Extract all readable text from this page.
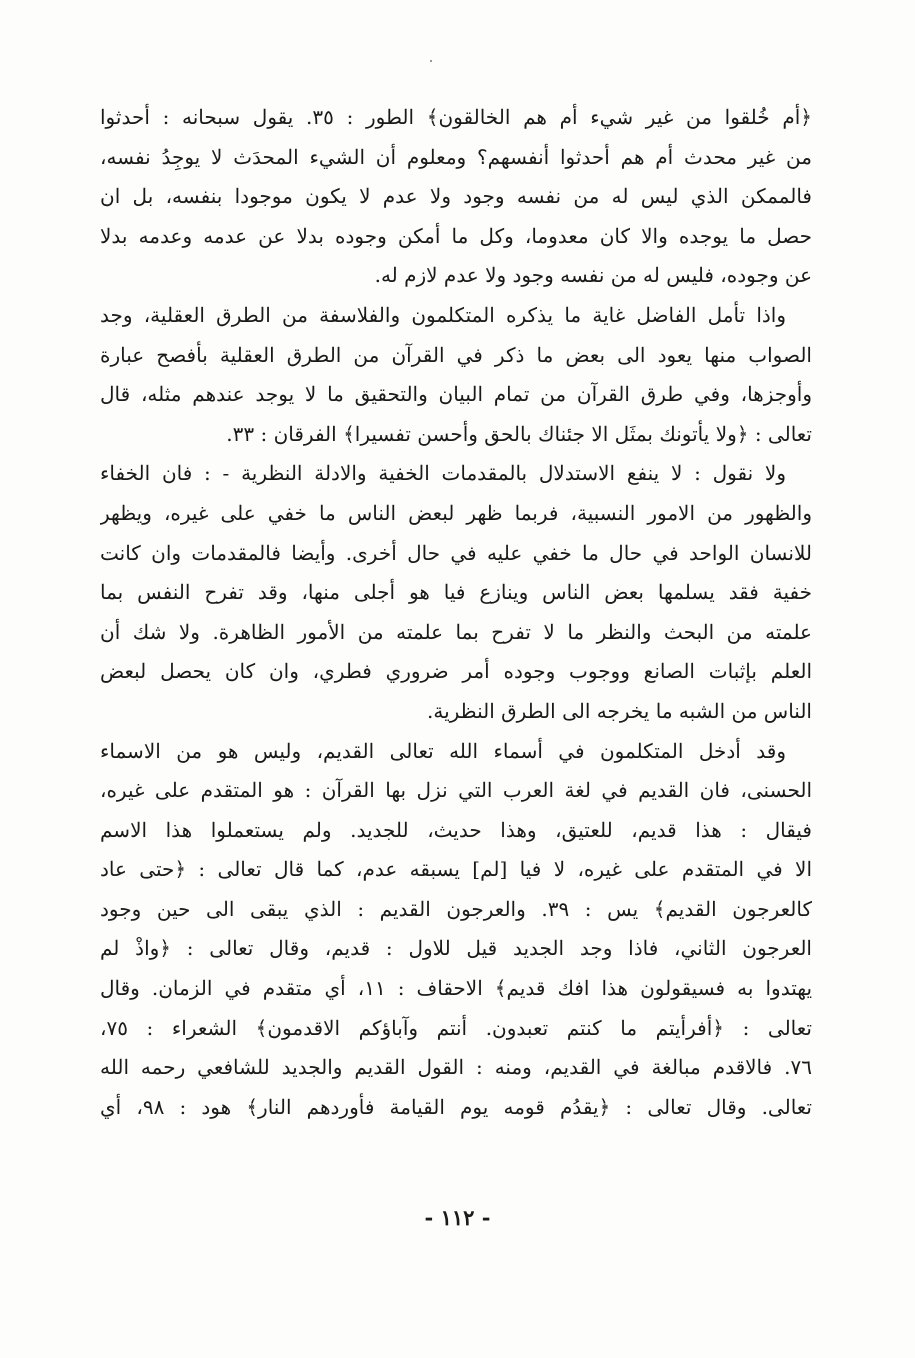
﴿أم خُلقوا من غير شيء أم هم الخالقون﴾ الطور : ٣٥. يقول سبحانه : أحدثوا
من غير محدث أم هم أحدثوا أنفسهم؟ ومعلوم أن الشيء المحدَث لا يوجِدُ نفسه،
فالممكن الذي ليس له من نفسه وجود ولا عدم لا يكون موجودا بنفسه، بل ان
حصل ما يوجده والا كان معدوما، وكل ما أمكن وجوده بدلا عن عدمه وعدمه بدلا
عن وجوده، فليس له من نفسه وجود ولا عدم لازم له.
واذا تأمل الفاضل غاية ما يذكره المتكلمون والفلاسفة من الطرق العقلية، وجد
الصواب منها يعود الى بعض ما ذكر في القرآن من الطرق العقلية بأفصح عبارة
وأوجزها، وفي طرق القرآن من تمام البيان والتحقيق ما لا يوجد عندهم مثله، قال
تعالى : ﴿ولا يأتونك بمثَل الا جئناك بالحق وأحسن تفسيرا﴾ الفرقان : ٣٣.
ولا نقول : لا ينفع الاستدلال بالمقدمات الخفية والادلة النظرية - : فان الخفاء
والظهور من الامور النسبية، فربما ظهر لبعض الناس ما خفي على غيره، ويظهر
للانسان الواحد في حال ما خفي عليه في حال أخرى. وأيضا فالمقدمات وان كانت
خفية فقد يسلمها بعض الناس وينازع فيا هو أجلى منها، وقد تفرح النفس بما
علمته من البحث والنظر ما لا تفرح بما علمته من الأمور الظاهرة. ولا شك أن
العلم بإثبات الصانع ووجوب وجوده أمر ضروري فطري، وان كان يحصل لبعض
الناس من الشبه ما يخرجه الى الطرق النظرية.
وقد أدخل المتكلمون في أسماء الله تعالى القديم، وليس هو من الاسماء
الحسنى، فان القديم في لغة العرب التي نزل بها القرآن : هو المتقدم على غيره،
فيقال : هذا قديم، للعتيق، وهذا حديث، للجديد. ولم يستعملوا هذا الاسم
الا في المتقدم على غيره، لا فيا [لم] يسبقه عدم، كما قال تعالى : ﴿حتى عاد
كالعرجون القديم﴾ يس : ٣٩. والعرجون القديم : الذي يبقى الى حين وجود
العرجون الثاني، فاذا وجد الجديد قيل للاول : قديم، وقال تعالى : ﴿واذْ لم
يهتدوا به فسيقولون هذا افك قديم﴾ الاحقاف : ١١، أي متقدم في الزمان. وقال
تعالى : ﴿أفرأيتم ما كنتم تعبدون. أنتم وآباؤكم الاقدمون﴾ الشعراء : ٧٥،
٧٦. فالاقدم مبالغة في القديم، ومنه : القول القديم والجديد للشافعي رحمه الله
تعالى. وقال تعالى : ﴿يقدُم قومه يوم القيامة فأوردهم النار﴾ هود : ٩٨، أي
- ١١٢ -
